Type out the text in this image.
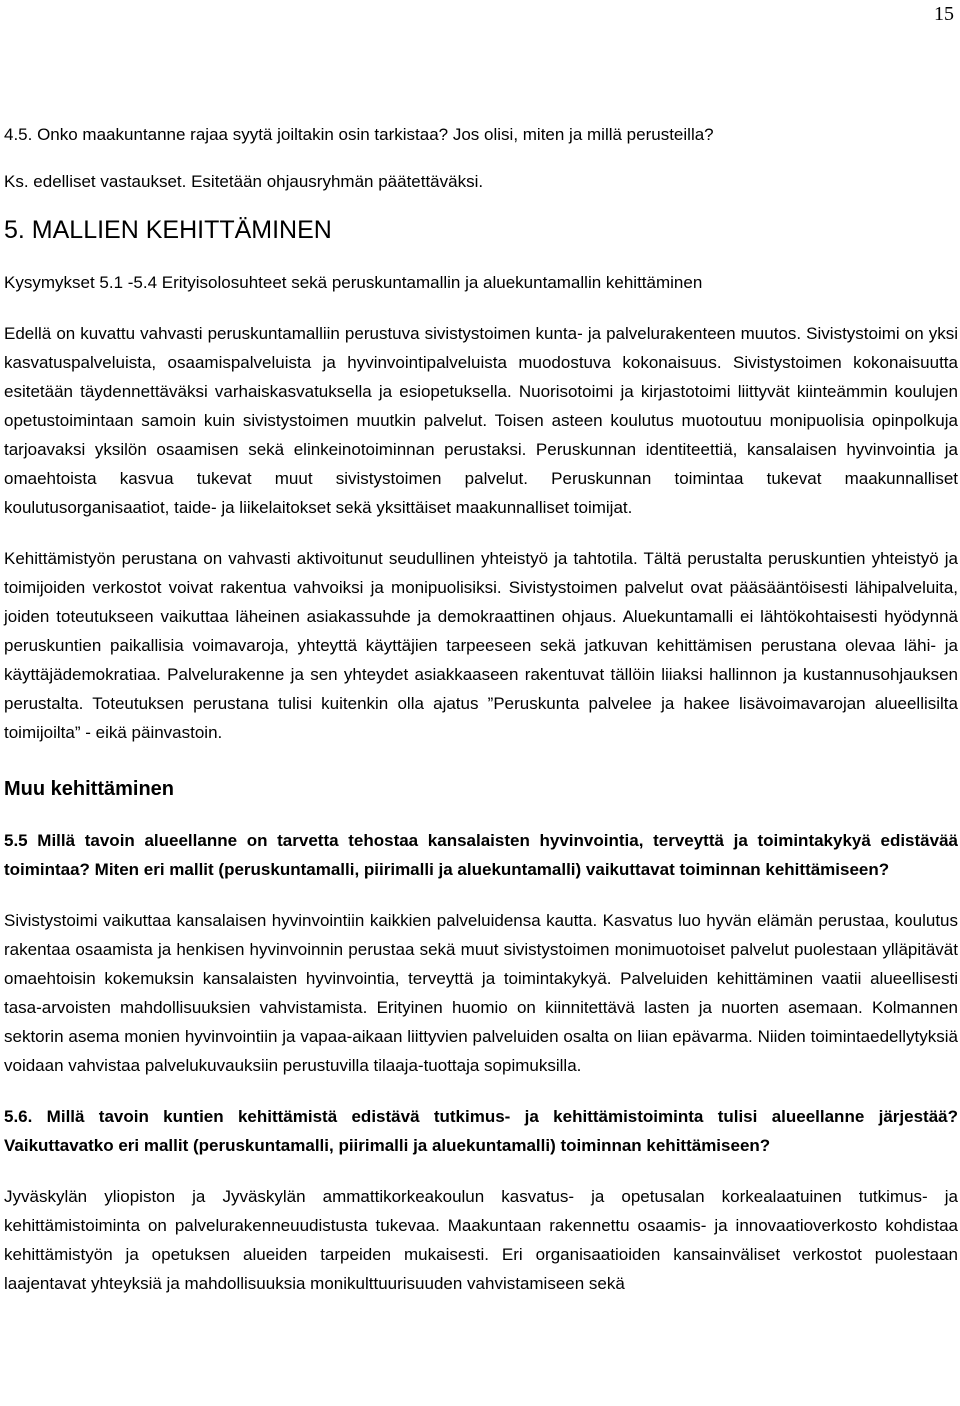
15

4.5. Onko maakuntanne rajaa syytä joiltakin osin tarkistaa? Jos olisi, miten ja millä perusteilla?

Ks. edelliset vastaukset. Esitetään ohjausryhmän päätettäväksi.

5. MALLIEN KEHITTÄMINEN

Kysymykset 5.1 -5.4 Erityisolosuhteet sekä peruskuntamallin ja aluekuntamallin kehittäminen

Edellä on kuvattu vahvasti peruskuntamalliin perustuva sivistystoimen kunta- ja palvelurakenteen muutos. Sivistystoimi on yksi kasvatuspalveluista, osaamispalveluista ja hyvinvointipalveluista muodostuva kokonaisuus. Sivistystoimen kokonaisuutta esitetään täydennettäväksi varhaiskasvatuksella ja esiopetuksella. Nuorisotoimi ja kirjastotoimi liittyvät kiinteämmin koulujen opetustoimintaan samoin kuin sivistystoimen muutkin palvelut. Toisen asteen koulutus muotoutuu monipuolisia opinpolkuja tarjoavaksi yksilön osaamisen sekä elinkeinotoiminnan perustaksi. Peruskunnan identiteettiä, kansalaisen hyvinvointia ja omaehtoista kasvua tukevat muut sivistystoimen palvelut. Peruskunnan toimintaa tukevat maakunnalliset koulutusorganisaatiot, taide- ja liikelaitokset sekä yksittäiset maakunnalliset toimijat.

Kehittämistyön perustana on vahvasti aktivoitunut seudullinen yhteistyö ja tahtotila. Tältä perustalta peruskuntien yhteistyö ja toimijoiden verkostot voivat rakentua vahvoiksi ja monipuolisiksi. Sivistystoimen palvelut ovat pääsääntöisesti lähipalveluita, joiden toteutukseen vaikuttaa läheinen asiakassuhde ja demokraattinen ohjaus. Aluekuntamalli ei lähtökohtaisesti hyödynnä peruskuntien paikallisia voimavaroja, yhteyttä käyttäjien tarpeeseen sekä jatkuvan kehittämisen perustana olevaa lähi- ja käyttäjädemokratiaa. Palvelurakenne ja sen yhteydet asiakkaaseen rakentuvat tällöin liiaksi hallinnon ja kustannusohjauksen perustalta. Toteutuksen perustana tulisi kuitenkin olla ajatus ”Peruskunta palvelee ja hakee lisävoimavarojan alueellisilta toimijoilta” - eikä päinvastoin.

Muu kehittäminen

5.5 Millä tavoin alueellanne on tarvetta tehostaa kansalaisten hyvinvointia, terveyttä ja toimintakykyä edistävää toimintaa? Miten eri mallit (peruskuntamalli, piirimalli ja aluekuntamalli) vaikuttavat toiminnan kehittämiseen?

Sivistystoimi vaikuttaa kansalaisen hyvinvointiin kaikkien palveluidensa kautta. Kasvatus luo hyvän elämän perustaa, koulutus rakentaa osaamista ja henkisen hyvinvoinnin perustaa sekä muut sivistystoimen monimuotoiset palvelut puolestaan ylläpitävät omaehtoisin kokemuksin kansalaisten hyvinvointia, terveyttä ja toimintakykyä. Palveluiden kehittäminen vaatii alueellisesti tasa-arvoisten mahdollisuuksien vahvistamista. Erityinen huomio on kiinnitettävä lasten ja nuorten asemaan. Kolmannen sektorin asema monien hyvinvointiin ja vapaa-aikaan liittyvien palveluiden osalta on liian epävarma. Niiden toimintaedellytyksiä voidaan vahvistaa palvelukuvauksiin perustuvilla tilaaja-tuottaja sopimuksilla.

5.6. Millä tavoin kuntien kehittämistä edistävä tutkimus- ja kehittämistoiminta tulisi alueellanne järjestää? Vaikuttavatko eri mallit (peruskuntamalli, piirimalli ja aluekuntamalli) toiminnan kehittämiseen?

Jyväskylän yliopiston ja Jyväskylän ammattikorkeakoulun kasvatus- ja opetusalan korkealaatuinen tutkimus- ja kehittämistoiminta on palvelurakenneuudistusta tukevaa. Maakuntaan rakennettu osaamis- ja innovaatioverkosto kohdistaa kehittämistyön ja opetuksen alueiden tarpeiden mukaisesti. Eri organisaatioiden kansainväliset verkostot puolestaan laajentavat yhteyksiä ja mahdollisuuksia monikulttuurisuuden vahvistamiseen sekä
